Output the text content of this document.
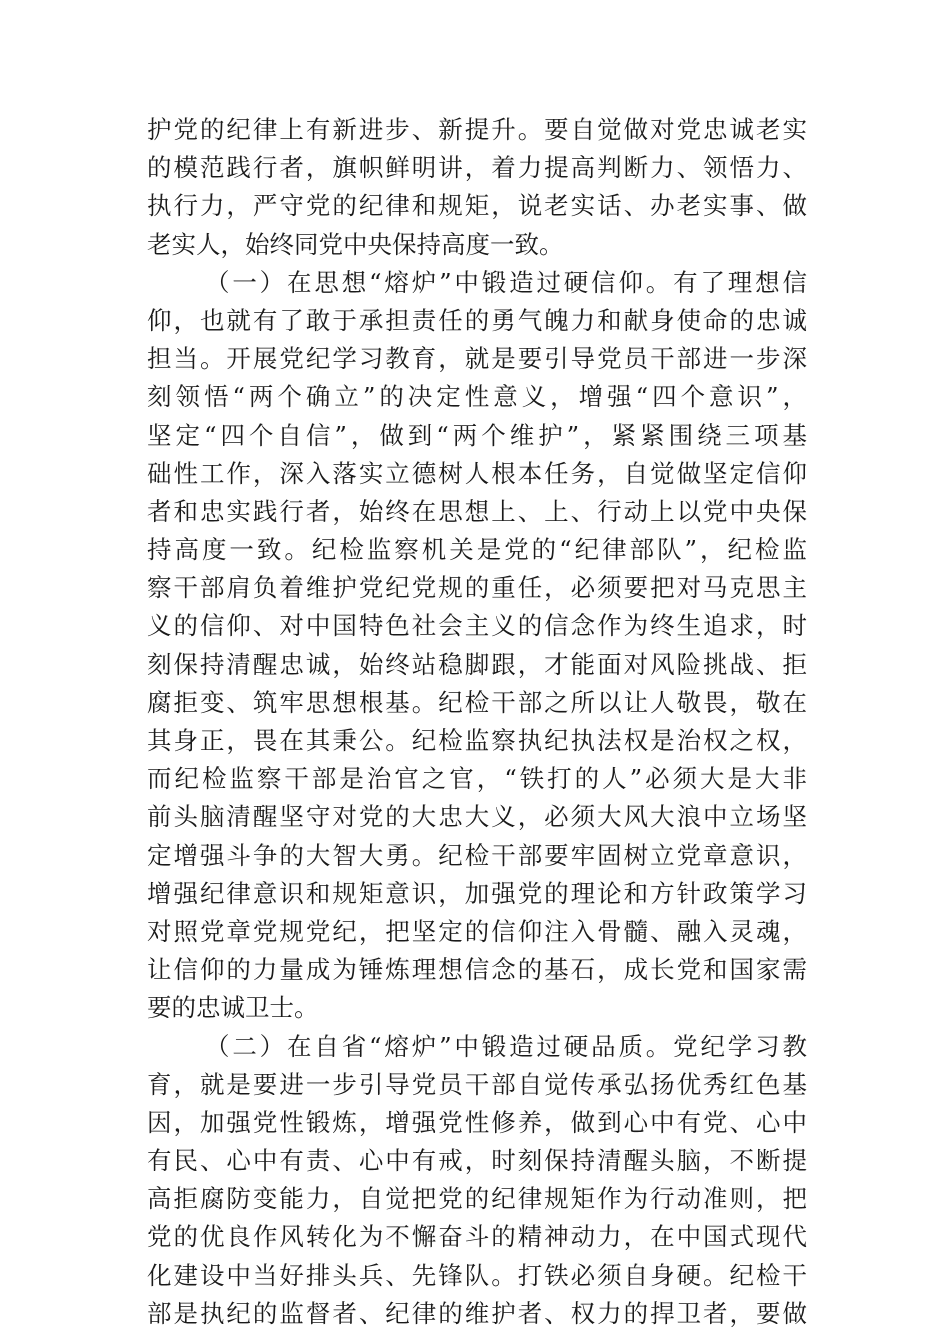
护党的纪律上有新进步、新提升。要自觉做对党忠诚老实
的模范践行者，旗帜鲜明讲，着力提高判断力、领悟力、
执行力，严守党的纪律和规矩，说老实话、办老实事、做
老实人，始终同党中央保持高度一致。
（一）在思想“熔炉”中锻造过硬信仰。有了理想信
仰，也就有了敢于承担责任的勇气魄力和献身使命的忠诚
担当。开展党纪学习教育，就是要引导党员干部进一步深
刻领悟“两个确立”的决定性意义，增强“四个意识”，
坚定“四个自信”，做到“两个维护”，紧紧围绕三项基
础性工作，深入落实立德树人根本任务，自觉做坚定信仰
者和忠实践行者，始终在思想上、上、行动上以党中央保
持高度一致。纪检监察机关是党的“纪律部队”，纪检监
察干部肩负着维护党纪党规的重任，必须要把对马克思主
义的信仰、对中国特色社会主义的信念作为终生追求，时
刻保持清醒忠诚，始终站稳脚跟，才能面对风险挑战、拒
腐拒变、筑牢思想根基。纪检干部之所以让人敬畏，敬在
其身正，畏在其秉公。纪检监察执纪执法权是治权之权，
而纪检监察干部是治官之官，“铁打的人”必须大是大非
前头脑清醒坚守对党的大忠大义，必须大风大浪中立场坚
定增强斗争的大智大勇。纪检干部要牢固树立党章意识，
增强纪律意识和规矩意识，加强党的理论和方针政策学习
对照党章党规党纪，把坚定的信仰注入骨髓、融入灵魂，
让信仰的力量成为锤炼理想信念的基石，成长党和国家需
要的忠诚卫士。
（二）在自省“熔炉”中锻造过硬品质。党纪学习教
育，就是要进一步引导党员干部自觉传承弘扬优秀红色基
因，加强党性锻炼，增强党性修养，做到心中有党、心中
有民、心中有责、心中有戒，时刻保持清醒头脑，不断提
高拒腐防变能力，自觉把党的纪律规矩作为行动准则，把
党的优良作风转化为不懈奋斗的精神动力，在中国式现代
化建设中当好排头兵、先锋队。打铁必须自身硬。纪检干
部是执纪的监督者、纪律的维护者、权力的捍卫者，要做
